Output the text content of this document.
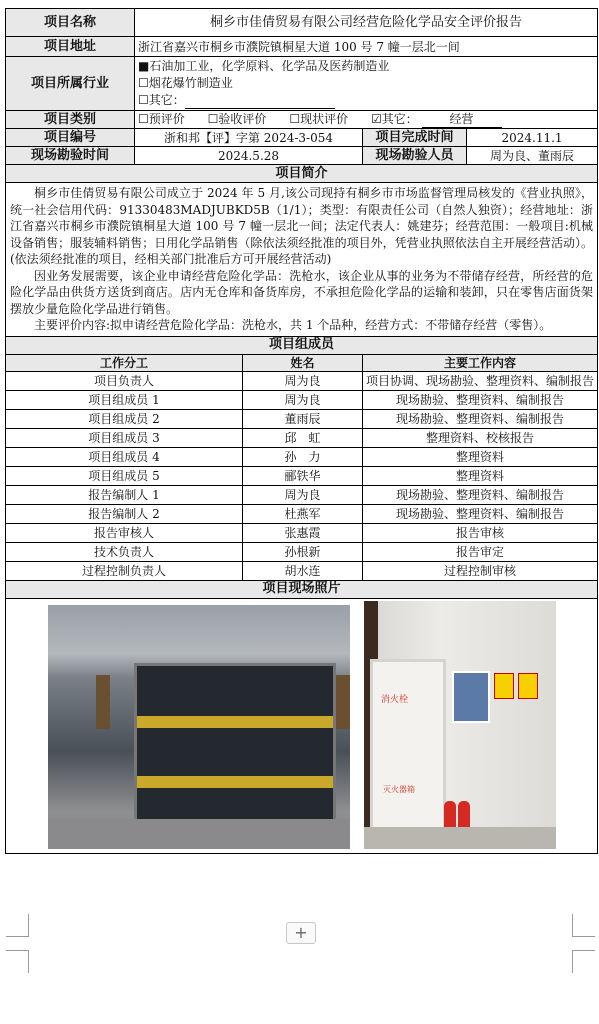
项目名称	桐乡市佳倩贸易有限公司经营危险化学品安全评价报告			
项目地址	浙江省嘉兴市桐乡市濮院镇桐星大道 100 号 7 幢一层北一间			
项目所属行业	■石油加工业，化学原料、化学品及医药制造业
☐烟花爆竹制造业
☐其它：			

项目类别	☐预评价 ☐验收评价 ☐现状评价 ☑其它： 经营			
项目编号	浙和邦【评】字第 2024-3-054		项目完成时间	2024.11.1
现场勘验时间	2024.5.28		现场勘验人员	周为良、董雨辰
项目简介				

桐乡市佳倩贸易有限公司成立于 2024 年 5 月,该公司现持有桐乡市市场监督管理局核发的《营业执照》，统一社会信用代码：91330483MADJUBKD5B（1/1）；类型：有限责任公司（自然人独资）；经营地址：浙江省嘉兴市桐乡市濮院镇桐星大道 100 号 7 幢一层北一间；法定代表人：姚建芬；经营范围：一般项目:机械设备销售；服装辅料销售；日用化学品销售（除依法须经批准的项目外，凭营业执照依法自主开展经营活动）。(依法须经批准的项目，经相关部门批准后方可开展经营活动)

因业务发展需要，该企业申请经营危险化学品：洗枪水，该企业从事的业务为不带储存经营，所经营的危险化学品由供货方送货到商店。店内无仓库和备货库房，不承担危险化学品的运输和装卸，只在零售店面货架摆放少量危险化学品进行销售。

主要评价内容:拟申请经营危险化学品：洗枪水，共 1 个品种，经营方式：不带储存经营（零售）。				

项目组成员				
工作分工		姓名	主要工作内容	
项目负责人		周为良	项目协调、现场勘验、整理资料、编制报告	
项目组成员 1		周为良	现场勘验、整理资料、编制报告	
项目组成员 2		董雨辰	现场勘验、整理资料、编制报告	
项目组成员 3		邱　虹	整理资料、校核报告	
项目组成员 4		孙　力	整理资料	
项目组成员 5		郦铁华	整理资料	
报告编制人 1		周为良	现场勘验、整理资料、编制报告	
报告编制人 2		杜燕军	现场勘验、整理资料、编制报告	
报告审核人		张惠霞	报告审核	
技术负责人		孙根新	报告审定	
过程控制负责人		胡水连	过程控制审核	
项目现场照片				

消火栓
灭火器箱				
+
